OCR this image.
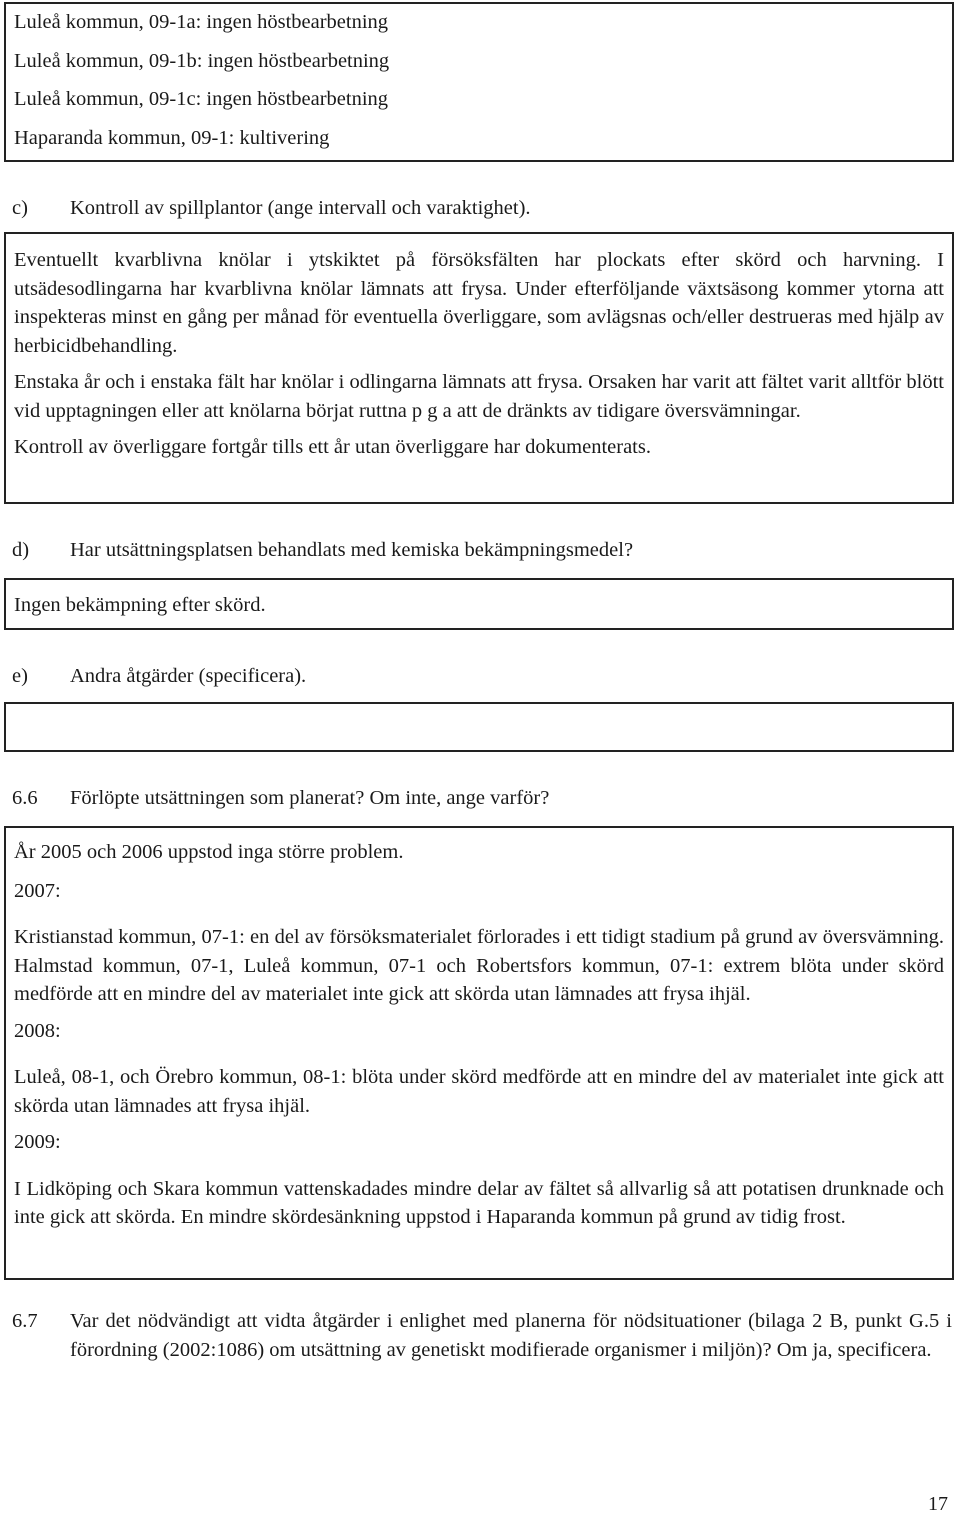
Luleå kommun, 09-1a: ingen höstbearbetning
Luleå kommun, 09-1b: ingen höstbearbetning
Luleå kommun, 09-1c: ingen höstbearbetning
Haparanda kommun, 09-1: kultivering
c) Kontroll av spillplantor (ange intervall och varaktighet).

Eventuellt kvarblivna knölar i ytskiktet på försöksfälten har plockats efter skörd och harvning. I utsädesodlingarna har kvarblivna knölar lämnats att frysa. Under efterföljande växtsäsong kommer ytorna att inspekteras minst en gång per månad för eventuella överliggare, som avlägsnas och/eller destrueras med hjälp av herbicidbehandling.

Enstaka år och i enstaka fält har knölar i odlingarna lämnats att frysa. Orsaken har varit att fältet varit alltför blött vid upptagningen eller att knölarna börjat ruttna p g a att de dränkts av tidigare översvämningar.

Kontroll av överliggare fortgår tills ett år utan överliggare har dokumenterats.

d) Har utsättningsplatsen behandlats med kemiska bekämpningsmedel?
Ingen bekämpning efter skörd.
e) Andra åtgärder (specificera).
6.6 Förlöpte utsättningen som planerat? Om inte, ange varför?

År 2005 och 2006 uppstod inga större problem.

2007:

Kristianstad kommun, 07-1: en del av försöksmaterialet förlorades i ett tidigt stadium på grund av översvämning. Halmstad kommun, 07-1, Luleå kommun, 07-1 och Robertsfors kommun, 07-1: extrem blöta under skörd medförde att en mindre del av materialet inte gick att skörda utan lämnades att frysa ihjäl.

2008:

Luleå, 08-1, och Örebro kommun, 08-1: blöta under skörd medförde att en mindre del av materialet inte gick att skörda utan lämnades att frysa ihjäl.

2009:

I Lidköping och Skara kommun vattenskadades mindre delar av fältet så allvarlig så att potatisen drunknade och inte gick att skörda. En mindre skördesänkning uppstod i Haparanda kommun på grund av tidig frost.

6.7	Var det nödvändigt att vidta åtgärder i enlighet med planerna för nödsituationer (bilaga 2 B, punkt G.5 i förordning (2002:1086) om utsättning av genetiskt modifierade organismer i miljön)? Om ja, specificera.
17
